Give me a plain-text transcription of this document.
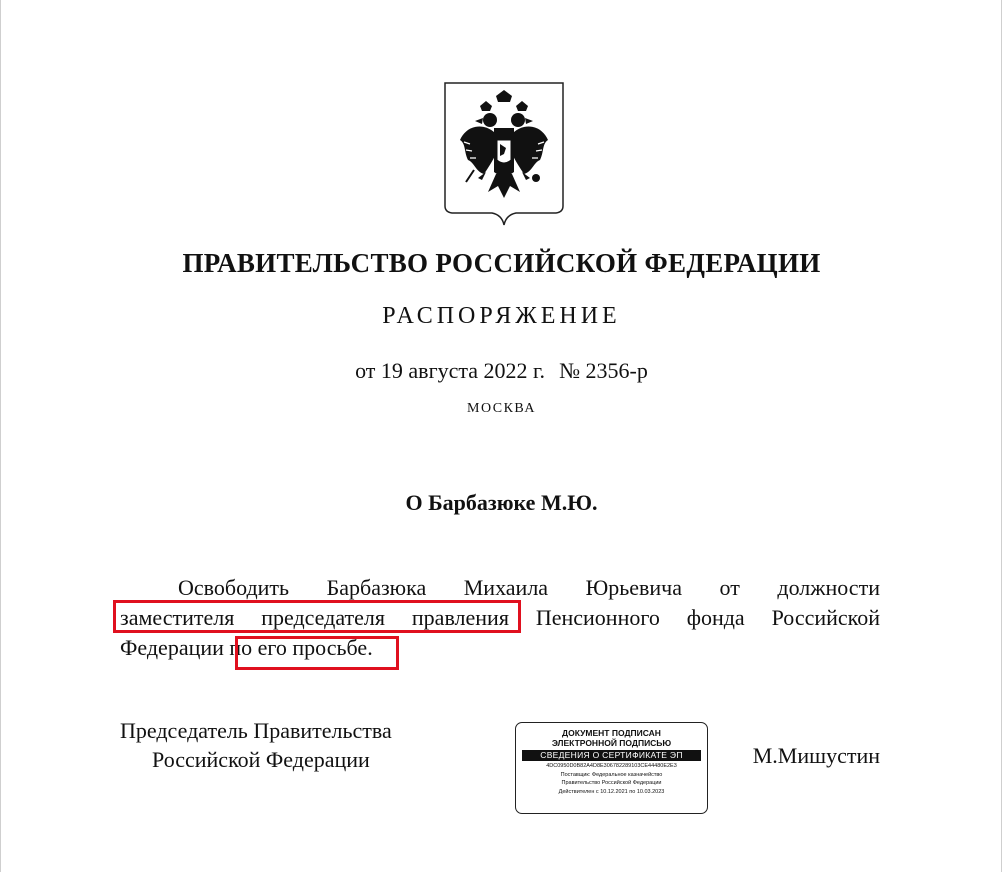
ПРАВИТЕЛЬСТВО РОССИЙСКОЙ ФЕДЕРАЦИИ
РАСПОРЯЖЕНИЕ
от 19 августа 2022 г. № 2356-р
МОСКВА
О Барбазюке М.Ю.
Освободить Барбазюка Михаила Юрьевича от должности
заместителя председателя правления Пенсионного фонда Российской
Федерации по его просьбе.
Председатель Правительства
Российской Федерации
ДОКУМЕНТ ПОДПИСАН
ЭЛЕКТРОННОЙ ПОДПИСЬЮ
СВЕДЕНИЯ О СЕРТИФИКАТЕ ЭП
4DC0950D0B82A4D8E306782289103CE44480E2E3
Поставщик: Федеральное казначейство
Правительство Российской Федерации
Действителен с 10.12.2021 по 10.03.2023
М.Мишустин
